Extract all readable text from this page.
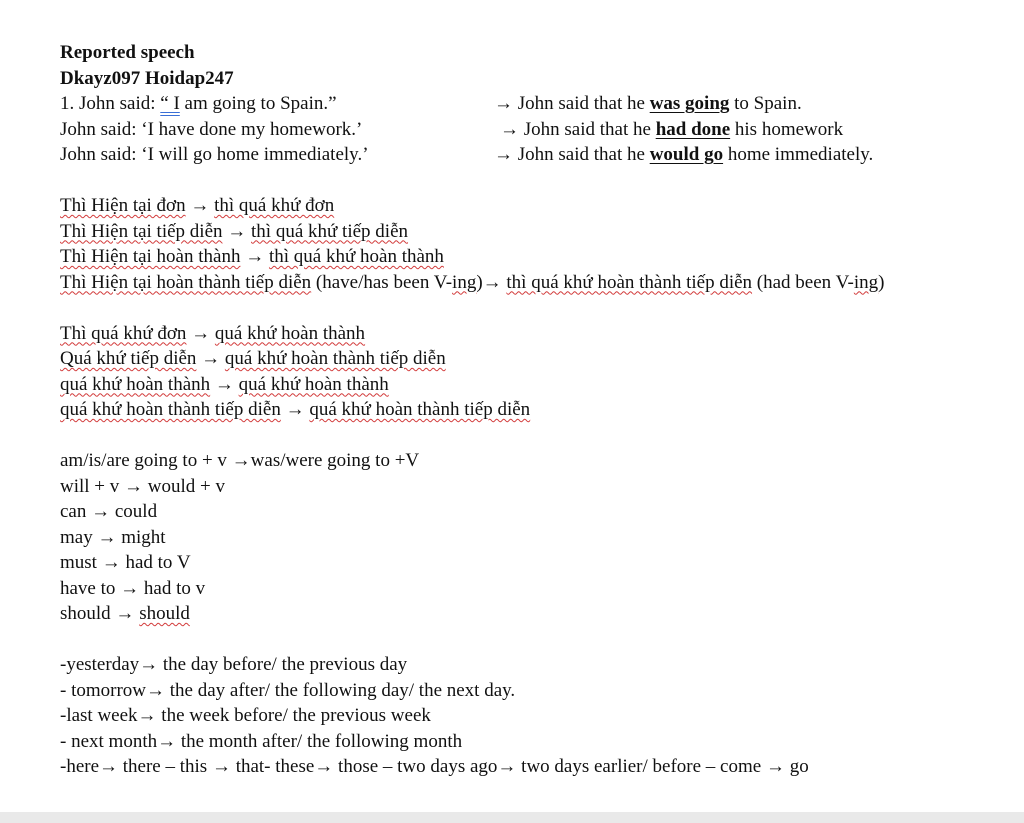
Reported speech
Dkayz097 Hoidap247
1. John said: “ I am going to Spain.”	→ John said that he was going to Spain.
John said: ‘I have done my homework.’	→ John said that he had done his homework
John said: ‘I will go home immediately.’	→ John said that he would go home immediately.
Thì Hiện tại đơn → thì quá khứ đơn
Thì Hiện tại tiếp diễn → thì quá khứ tiếp diễn
Thì Hiện tại hoàn thành → thì quá khứ hoàn thành
Thì Hiện tại hoàn thành tiếp diễn (have/has been V-ing)→ thì quá khứ hoàn thành tiếp diễn (had been V-ing)
Thì quá khứ đơn → quá khứ hoàn thành
Quá khứ tiếp diễn → quá khứ hoàn thành tiếp diễn
quá khứ hoàn thành → quá khứ hoàn thành
quá khứ hoàn thành tiếp diễn → quá khứ hoàn thành tiếp diễn
am/is/are going to + v →was/were going to +V
will + v → would + v
can → could
may → might
must → had to V
have to → had to v
should → should
-yesterday→ the day before/ the previous day
- tomorrow→ the day after/ the following day/ the next day.
-last week→ the week before/ the previous week
- next month→ the month after/ the following month
-here→ there – this → that- these→ those – two days ago→ two days earlier/ before – come → go
